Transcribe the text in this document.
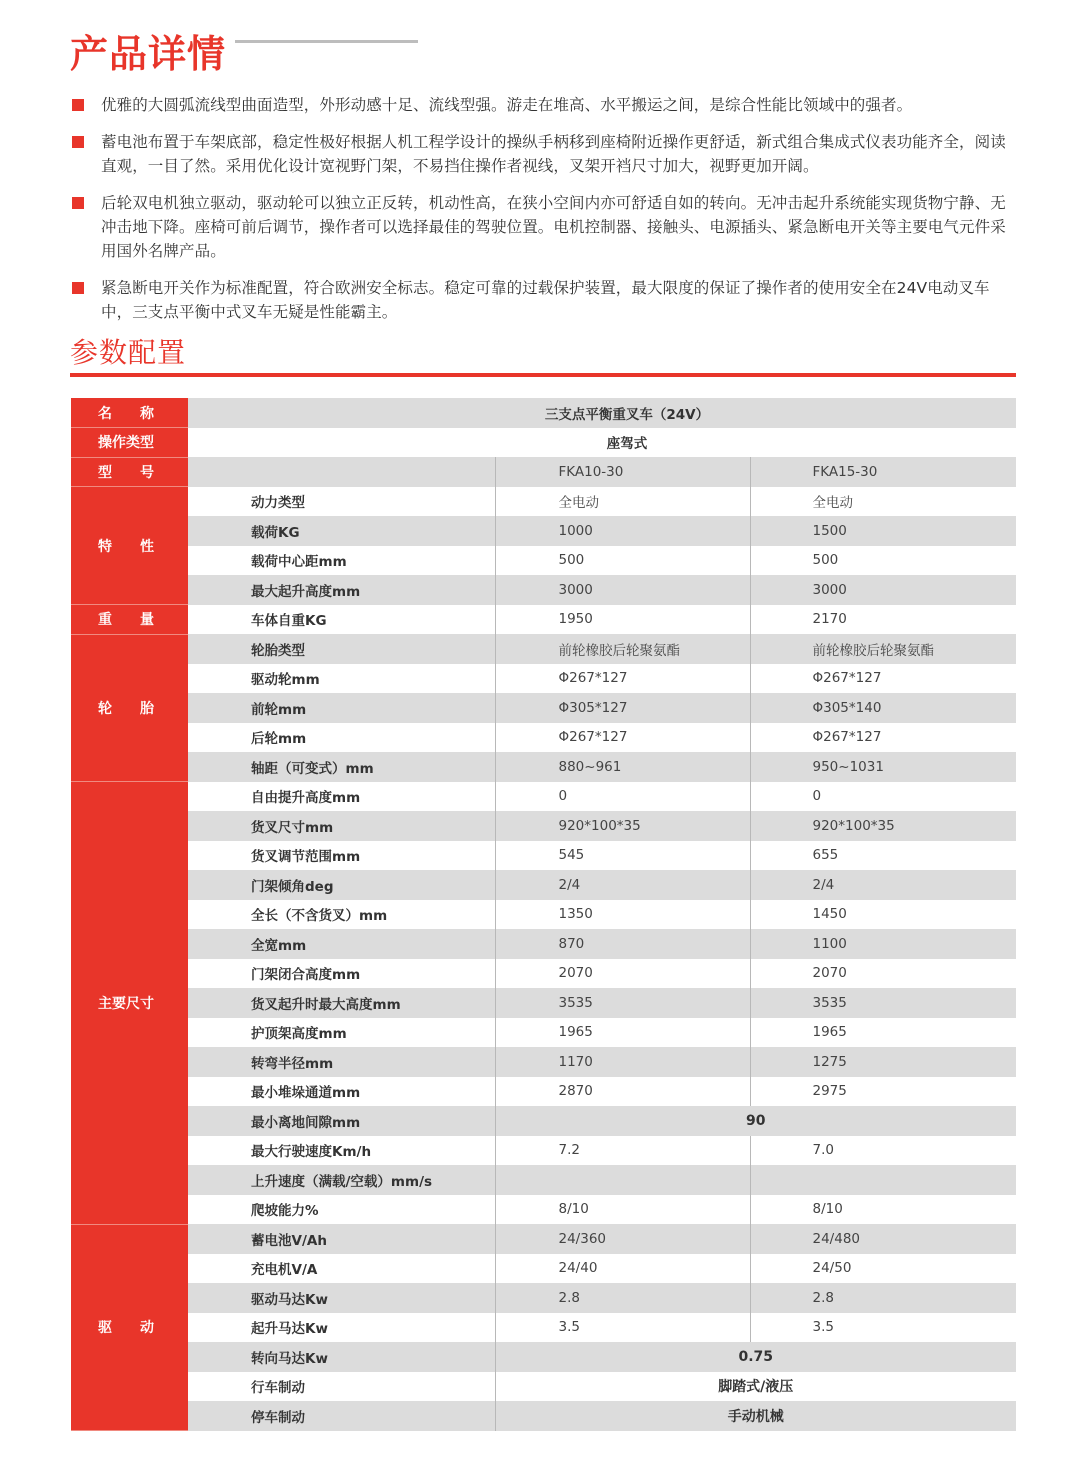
产品详情
优雅的大圆弧流线型曲面造型，外形动感十足、流线型强。游走在堆高、水平搬运之间，是综合性能比领域中的强者。
蓄电池布置于车架底部，稳定性极好根据人机工程学设计的操纵手柄移到座椅附近操作更舒适，新式组合集成式仪表功能齐全，阅读直观，一目了然。采用优化设计宽视野门架，不易挡住操作者视线，叉架开裆尺寸加大，视野更加开阔。
后轮双电机独立驱动，驱动轮可以独立正反转，机动性高，在狭小空间内亦可舒适自如的转向。无冲击起升系统能实现货物宁静、无冲击地下降。座椅可前后调节，操作者可以选择最佳的驾驶位置。电机控制器、接触头、电源插头、紧急断电开关等主要电气元件采用国外名牌产品。
紧急断电开关作为标准配置，符合欧洲安全标志。稳定可靠的过载保护装置，最大限度的保证了操作者的使用安全在24V电动叉车中，三支点平衡中式叉车无疑是性能霸主。
参数配置
名　　称	三支点平衡重叉车（24V）		
操作类型	座驾式		
型　　号		FKA10-30	FKA15-30
特　　性	动力类型	全电动	全电动
	载荷KG	1000	1500
	载荷中心距mm	500	500
	最大起升高度mm	3000	3000
重　　量	车体自重KG	1950	2170
轮　　胎	轮胎类型	前轮橡胶后轮聚氨酯	前轮橡胶后轮聚氨酯
	驱动轮mm	Φ267*127	Φ267*127
	前轮mm	Φ305*127	Φ305*140
	后轮mm	Φ267*127	Φ267*127
	轴距（可变式）mm	880~961	950~1031
主要尺寸	自由提升高度mm	0	0
	货叉尺寸mm	920*100*35	920*100*35
	货叉调节范围mm	545	655
	门架倾角deg	2/4	2/4
	全长（不含货叉）mm	1350	1450
	全宽mm	870	1100
	门架闭合高度mm	2070	2070
	货叉起升时最大高度mm	3535	3535
	护顶架高度mm	1965	1965
	转弯半径mm	1170	1275
	最小堆垛通道mm	2870	2975
	最小离地间隙mm	90	
	最大行驶速度Km/h	7.2	7.0
	上升速度（满载/空载）mm/s		
	爬坡能力%	8/10	8/10
驱　　动	蓄电池V/Ah	24/360	24/480
	充电机V/A	24/40	24/50
	驱动马达Kw	2.8	2.8
	起升马达Kw	3.5	3.5
	转向马达Kw	0.75	
	行车制动	脚踏式/液压	
	停车制动	手动机械	
